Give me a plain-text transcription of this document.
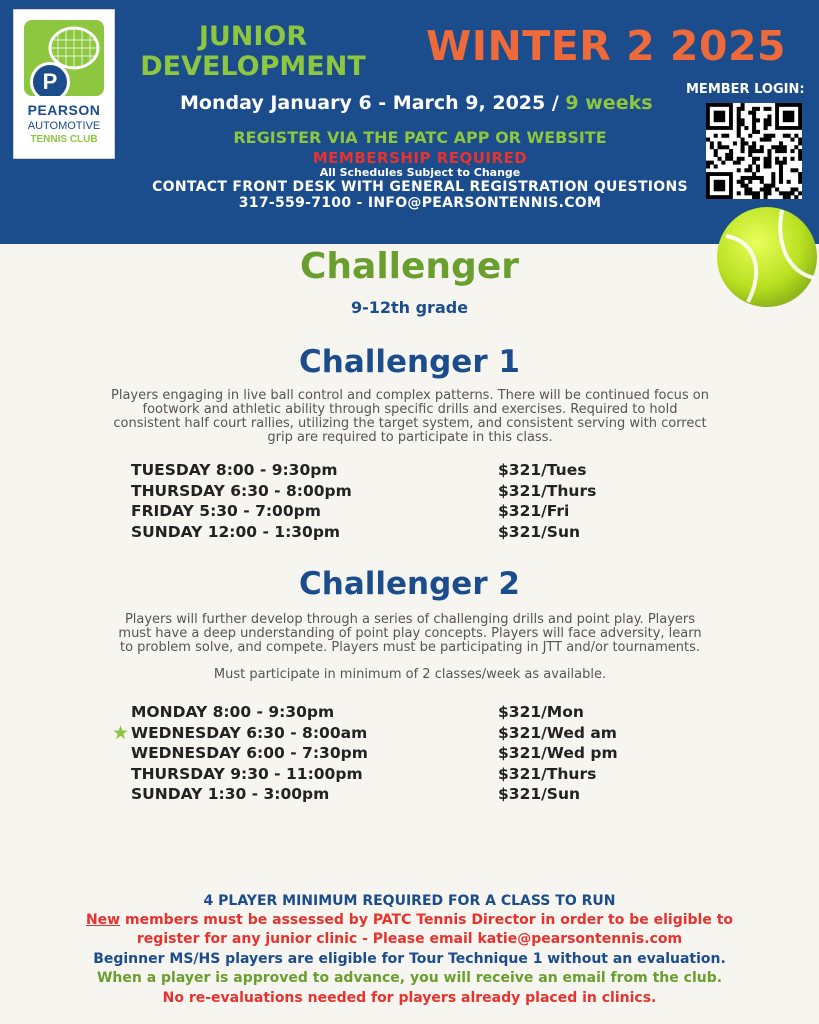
P
PEARSON
AUTOMOTIVE
TENNIS CLUB
JUNIOR DEVELOPMENT WINTER 2 2025
Monday January 6 - March 9, 2025 / 9 weeks
MEMBER LOGIN:
REGISTER VIA THE PATC APP OR WEBSITE
MEMBERSHIP REQUIRED
All Schedules Subject to Change
CONTACT FRONT DESK WITH GENERAL REGISTRATION QUESTIONS
317-559-7100 - INFO@PEARSONTENNIS.COM
Challenger
9-12th grade
Challenger 1
Players engaging in live ball control and complex patterns. There will be continued focus on footwork and athletic ability through specific drills and exercises. Required to hold consistent half court rallies, utilizing the target system, and consistent serving with correct grip are required to participate in this class.
TUESDAY 8:00 - 9:30pm	$321/Tues
THURSDAY 6:30 - 8:00pm	$321/Thurs
FRIDAY 5:30 - 7:00pm	$321/Fri
SUNDAY 12:00 - 1:30pm	$321/Sun
Challenger 2
Players will further develop through a series of challenging drills and point play. Players must have a deep understanding of point play concepts. Players will face adversity, learn to problem solve, and compete. Players must be participating in JTT and/or tournaments.
Must participate in minimum of 2 classes/week as available.
MONDAY 8:00 - 9:30pm	$321/Mon
★ WEDNESDAY 6:30 - 8:00am	$321/Wed am
WEDNESDAY 6:00 - 7:30pm	$321/Wed pm
THURSDAY 9:30 - 11:00pm	$321/Thurs
SUNDAY 1:30 - 3:00pm	$321/Sun
4 PLAYER MINIMUM REQUIRED FOR A CLASS TO RUN
New members must be assessed by PATC Tennis Director in order to be eligible to
register for any junior clinic - Please email katie@pearsontennis.com
Beginner MS/HS players are eligible for Tour Technique 1 without an evaluation.
When a player is approved to advance, you will receive an email from the club.
No re-evaluations needed for players already placed in clinics.
